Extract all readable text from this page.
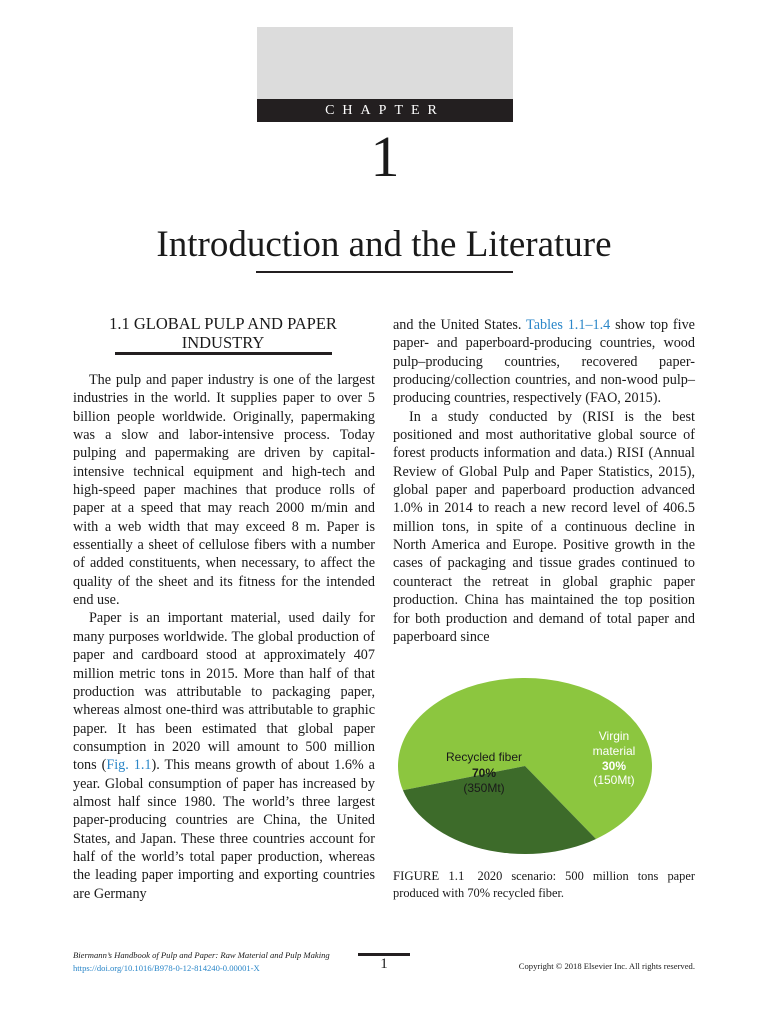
CHAPTER
1
Introduction and the Literature
1.1 GLOBAL PULP AND PAPER INDUSTRY

The pulp and paper industry is one of the largest industries in the world. It supplies paper to over 5 billion people worldwide. Originally, papermaking was a slow and labor-intensive process. Today pulping and papermaking are driven by capital-intensive technical equipment and high-tech and high-speed paper machines that produce rolls of paper at a speed that may reach 2000 m/min and with a web width that may exceed 8 m. Paper is essentially a sheet of cellulose fibers with a number of added constituents, when necessary, to affect the quality of the sheet and its fitness for the intended end use.

Paper is an important material, used daily for many purposes worldwide. The global production of paper and cardboard stood at approximately 407 million metric tons in 2015. More than half of that production was attributable to packaging paper, whereas almost one-third was attributable to graphic paper. It has been estimated that global paper consumption in 2020 will amount to 500 million tons (Fig. 1.1). This means growth of about 1.6% a year. Global consumption of paper has increased by almost half since 1980. The world’s three largest paper-producing countries are China, the United States, and Japan. These three countries account for half of the world’s total paper production, whereas the leading paper importing and exporting countries are Germany

and the United States. Tables 1.1–1.4 show top five paper- and paperboard-producing countries, wood pulp–producing countries, recovered paper-producing/collection countries, and non-wood pulp–producing countries, respectively (FAO, 2015).

In a study conducted by (RISI is the best positioned and most authoritative global source of forest products information and data.) RISI (Annual Review of Global Pulp and Paper Statistics, 2015), global paper and paperboard production advanced 1.0% in 2014 to reach a new record level of 406.5 million tons, in spite of a continuous decline in North America and Europe. Positive growth in the cases of packaging and tissue grades continued to counteract the retreat in global graphic paper production. China has maintained the top position for both production and demand of total paper and paperboard since

Recycled fiber
70%
(350Mt)
Virgin
material
30%
(150Mt)
FIGURE 1.1 2020 scenario: 500 million tons paper produced with 70% recycled fiber.
Biermann’s Handbook of Pulp and Paper: Raw Material and Pulp Making
https://doi.org/10.1016/B978-0-12-814240-0.00001-X	1	Copyright © 2018 Elsevier Inc. All rights reserved.
